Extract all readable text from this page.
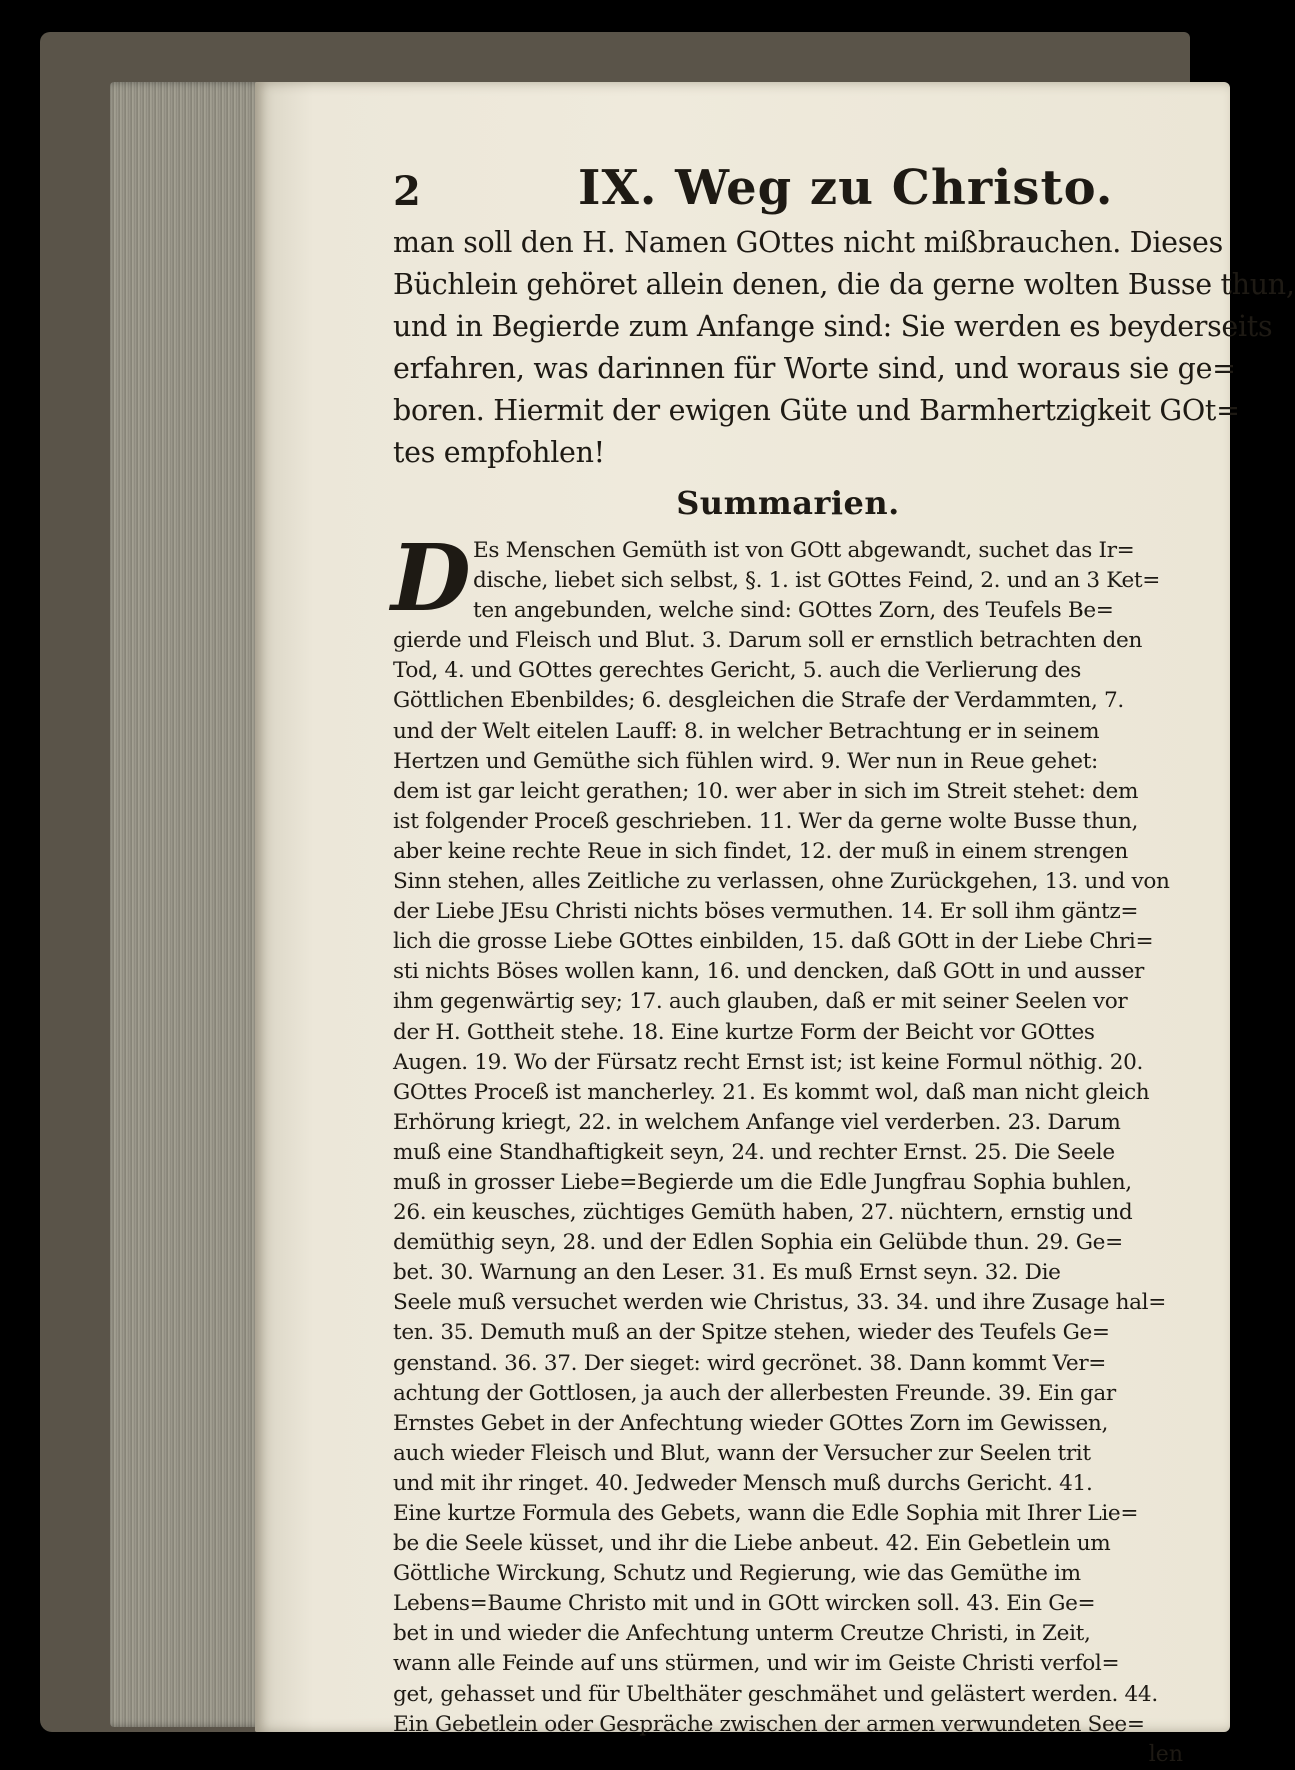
2	IX. Weg zu Christo.
man soll den H. Namen GOttes nicht mißbrauchen. Dieses
Büchlein gehöret allein denen, die da gerne wolten Busse thun,
und in Begierde zum Anfange sind: Sie werden es beyderseits
erfahren, was darinnen für Worte sind, und woraus sie ge=
boren. Hiermit der ewigen Güte und Barmhertzigkeit GOt=
tes empfohlen!
Summarien.
D Es Menschen Gemüth ist von GOtt abgewandt, suchet das Ir=
dische, liebet sich selbst, §. 1. ist GOttes Feind, 2. und an 3 Ket=
ten angebunden, welche sind: GOttes Zorn, des Teufels Be=
gierde und Fleisch und Blut. 3. Darum soll er ernstlich betrachten den
Tod, 4. und GOttes gerechtes Gericht, 5. auch die Verlierung des
Göttlichen Ebenbildes; 6. desgleichen die Strafe der Verdammten, 7.
und der Welt eitelen Lauff: 8. in welcher Betrachtung er in seinem
Hertzen und Gemüthe sich fühlen wird. 9. Wer nun in Reue gehet:
dem ist gar leicht gerathen; 10. wer aber in sich im Streit stehet: dem
ist folgender Proceß geschrieben. 11. Wer da gerne wolte Busse thun,
aber keine rechte Reue in sich findet, 12. der muß in einem strengen
Sinn stehen, alles Zeitliche zu verlassen, ohne Zurückgehen, 13. und von
der Liebe JEsu Christi nichts böses vermuthen. 14. Er soll ihm gäntz=
lich die grosse Liebe GOttes einbilden, 15. daß GOtt in der Liebe Chri=
sti nichts Böses wollen kann, 16. und dencken, daß GOtt in und ausser
ihm gegenwärtig sey; 17. auch glauben, daß er mit seiner Seelen vor
der H. Gottheit stehe. 18. Eine kurtze Form der Beicht vor GOttes
Augen. 19. Wo der Fürsatz recht Ernst ist; ist keine Formul nöthig. 20.
GOttes Proceß ist mancherley. 21. Es kommt wol, daß man nicht gleich
Erhörung kriegt, 22. in welchem Anfange viel verderben. 23. Darum
muß eine Standhaftigkeit seyn, 24. und rechter Ernst. 25. Die Seele
muß in grosser Liebe=Begierde um die Edle Jungfrau Sophia buhlen,
26. ein keusches, züchtiges Gemüth haben, 27. nüchtern, ernstig und
demüthig seyn, 28. und der Edlen Sophia ein Gelübde thun. 29. Ge=
bet. 30. Warnung an den Leser. 31. Es muß Ernst seyn. 32. Die
Seele muß versuchet werden wie Christus, 33. 34. und ihre Zusage hal=
ten. 35. Demuth muß an der Spitze stehen, wieder des Teufels Ge=
genstand. 36. 37. Der sieget: wird gecrönet. 38. Dann kommt Ver=
achtung der Gottlosen, ja auch der allerbesten Freunde. 39. Ein gar
Ernstes Gebet in der Anfechtung wieder GOttes Zorn im Gewissen,
auch wieder Fleisch und Blut, wann der Versucher zur Seelen trit
und mit ihr ringet. 40. Jedweder Mensch muß durchs Gericht. 41.
Eine kurtze Formula des Gebets, wann die Edle Sophia mit Ihrer Lie=
be die Seele küsset, und ihr die Liebe anbeut. 42. Ein Gebetlein um
Göttliche Wirckung, Schutz und Regierung, wie das Gemüthe im
Lebens=Baume Christo mit und in GOtt wircken soll. 43. Ein Ge=
bet in und wieder die Anfechtung unterm Creutze Christi, in Zeit,
wann alle Feinde auf uns stürmen, und wir im Geiste Christi verfol=
get, gehasset und für Ubelthäter geschmähet und gelästert werden. 44.
Ein Gebetlein oder Gespräche zwischen der armen verwundeten See=
len
